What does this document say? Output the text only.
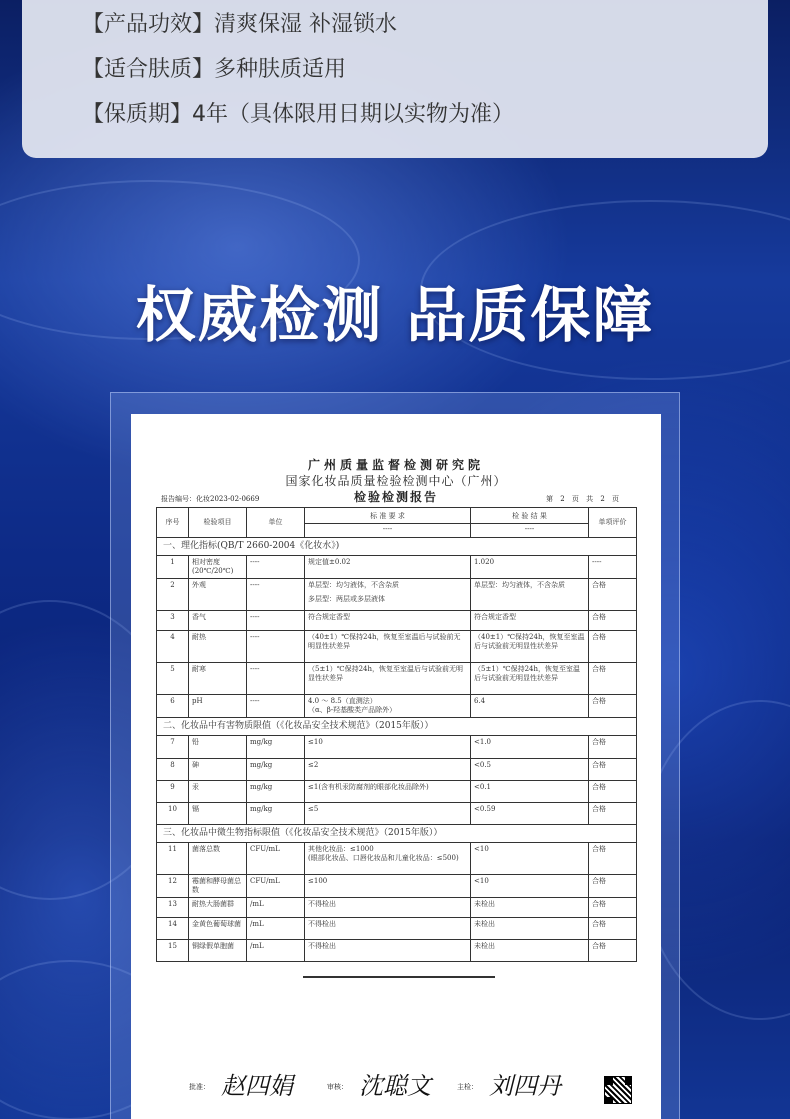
【产品功效】清爽保湿 补湿锁水
【适合肤质】多种肤质适用
【保质期】4年（具体限用日期以实物为准）
权威检测 品质保障
广州质量监督检测研究院
国家化妆品质量检验检测中心（广州）
检验检测报告
报告编号：化妆2023-02-0669	第 2 页 共 2 页
序号	检验项目	单位	标 准 要 求
----	检 验 结 果
----	单项评价
一、理化指标(QB/T 2660-2004《化妆水》)					
1	相对密度(20℃/20℃)	----	规定值±0.02	1.020	----
2	外观	----	单层型：均匀液体，不含杂质
多层型：两层或多层液体	单层型：均匀液体，不含杂质	合格
3	香气	----	符合规定香型	符合规定香型	合格
4	耐热	----	（40±1）℃保持24h，恢复至室温后与试验前无明显性状差异	（40±1）℃保持24h，恢复至室温后与试验前无明显性状差异	合格
5	耐寒	----	（5±1）℃保持24h，恢复至室温后与试验前无明显性状差异	（5±1）℃保持24h，恢复至室温后与试验前无明显性状差异	合格
6	pH	----	4.0 ～ 8.5（直测法）
（α、β-羟基酸类产品除外）	6.4	合格
二、化妆品中有害物质限值（《化妆品安全技术规范》（2015年版））					
7	铅	mg/kg	≤10	<1.0	合格
8	砷	mg/kg	≤2	<0.5	合格
9	汞	mg/kg	≤1(含有机汞防腐剂的眼部化妆品除外)	<0.1	合格
10	镉	mg/kg	≤5	<0.59	合格
三、化妆品中微生物指标限值（《化妆品安全技术规范》（2015年版））					
11	菌落总数	CFU/mL	其他化妆品：≤1000
(眼部化妆品、口唇化妆品和儿童化妆品：≤500)	<10	合格
12	霉菌和酵母菌总数	CFU/mL	≤100	<10	合格
13	耐热大肠菌群	/mL	不得检出	未检出	合格
14	金黄色葡萄球菌	/mL	不得检出	未检出	合格
15	铜绿假单胞菌	/mL	不得检出	未检出	合格
批准： 赵四娟	审核： 沈聪文	主检： 刘四丹
